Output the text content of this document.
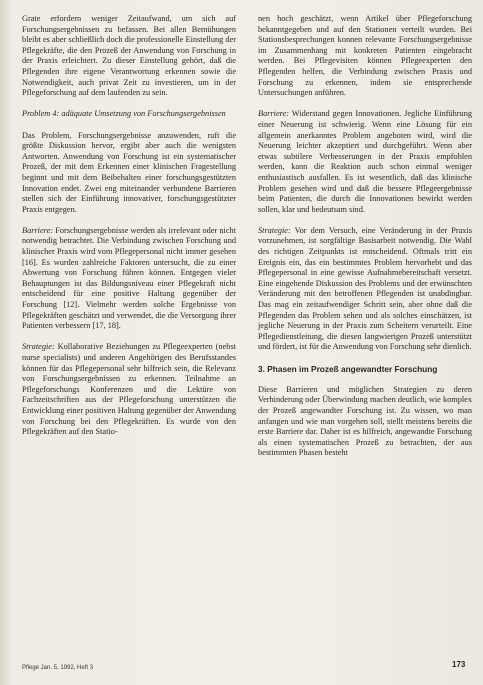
Grate erfordern weniger Zeitaufwand, um sich auf Forschungsergebnissen zu befassen. Bei allen Bemühungen bleibt es aber schließlich doch die professionelle Einstellung der Pflegekräfte, die den Prozeß der Anwendung von Forschung in der Praxis erleichtert. Zu dieser Einstellung gehört, daß die Pflegenden ihre eigene Verantwortung erkennen sowie die Notwendigkeit, auch privat Zeit zu investieren, um in der Pflegeforschung auf dem laufenden zu sein.

Problem 4: adäquate Umsetzung von Forschungsergebnissen

Das Problem, Forschungsergebnisse anzuwenden, ruft die größte Diskussion hervor, ergibt aber auch die wenigsten Antworten. Anwendung von Forschung ist ein systematischer Prozeß, der mit dem Erkennen einer klinischen Fragestellung beginnt und mit dem Beibehalten einer forschungsgestützten Innovation endet. Zwei eng miteinander verbundene Barrieren stellen sich der Einführung innovativer, forschungsgestützter Praxis entgegen.

Barriere: Forschungsergebnisse werden als irrelevant oder nicht notwendig betrachtet. Die Verbindung zwischen Forschung und klinischer Praxis wird vom Pflegepersonal nicht immer gesehen [16]. Es wurden zahlreiche Faktoren untersucht, die zu einer Abwertung von Forschung führen können. Entgegen vieler Behauptungen ist das Bildungsniveau einer Pflegekraft nicht entscheidend für eine positive Haltung gegenüber der Forschung [12]. Vielmehr werden solche Ergebnisse von Pflegekräften geschätzt und verwendet, die die Versorgung ihrer Patienten verbessern [17, 18].

Strategie: Kollaborative Beziehungen zu Pflegeexperten (nebst nurse specialists) und anderen Angehörigen des Berufsstandes können für das Pflegepersonal sehr hilfreich sein, die Relevanz von Forschungsergebnissen zu erkennen. Teilnahme an Pflegeforschungs Konferenzen und die Lektüre von Fachzeitschriften aus der Pflegeforschung unterstützen die Entwicklung einer positiven Haltung gegenüber der Anwendung von Forschung bei den Pflegekräften. Es wurde von den Pflegekräften auf den Statio-

nen hoch geschätzt, wenn Artikel über Pflegeforschung bekanntgegeben und auf den Stationen verteilt wurden. Bei Stationsbesprechungen konnen relevante Forschungsergebnisse im Zusammenhang mit konkreten Patienten eingebracht werden. Bei Pflegevisiten können Pflegeexperten den Pflegenden helfen, die Verbindung zwischen Praxis und Forschung zu erkennen, indem sie entsprechende Untersuchungen anführen.

Barriere: Widerstand gegen Innovationen. Jegliche Einführung einer Neuerung ist schwierig. Wenn eine Lösung für ein allgemein anerkanntes Problem angeboten wird, wird die Neuerung leichter akzeptiert und durchgeführt. Wenn aber etwas subtilere Verbesserungen in der Praxis empfohlen werden, kann die Reaktion auch schon einmal weniger enthusiastisch ausfallen. Es ist wesentlich, daß das klinische Problem gesehen wird und daß die bessere Pflegeergebnisse beim Patienten, die durch die Innovationen bewirkt werden sollen, klar und bedeutsam sind.

Strategie: Vor dem Versuch, eine Veränderung in der Praxis vorzunehmen, ist sorgfältige Basisarbeit notwendig. Die Wahl des richtigen Zeitpunkts ist entscheidend. Oftmals tritt ein Ereignis ein, das ein bestimmtes Problem hervorhebt und das Pflegepersonal in eine gewisse Aufnahmebereitschaft versetzt. Eine eingehende Diskussion des Problems und der erwünschten Veränderung mit den betroffenen Pflegenden ist unabdingbar. Das mag ein zeitaufwendiger Schritt sein, aber ohne daß die Pflegenden das Problem sehen und als solches einschätzen, ist jegliche Neuerung in der Praxis zum Scheitern verurteilt. Eine Pflegedienstleitung, die diesen langwierigen Prozeß unterstützt und fördert, ist für die Anwendung von Forschung sehr dienlich.

3. Phasen im Prozeß angewandter Forschung

Diese Barrieren und möglichen Strategien zu deren Verhinderung oder Überwindung machen deutlich, wie komplex der Prozeß angewandter Forschung ist. Zu wissen, wo man anfangen und wie man vorgehen soll, stellt meistens bereits die erste Barriere dar. Daher ist es hilfreich, angewandte Forschung als einen systematischen Prozeß zu betrachten, der aus bestimmten Phasen besteht

Pflege Jan. 5, 1992, Heft 3	173
